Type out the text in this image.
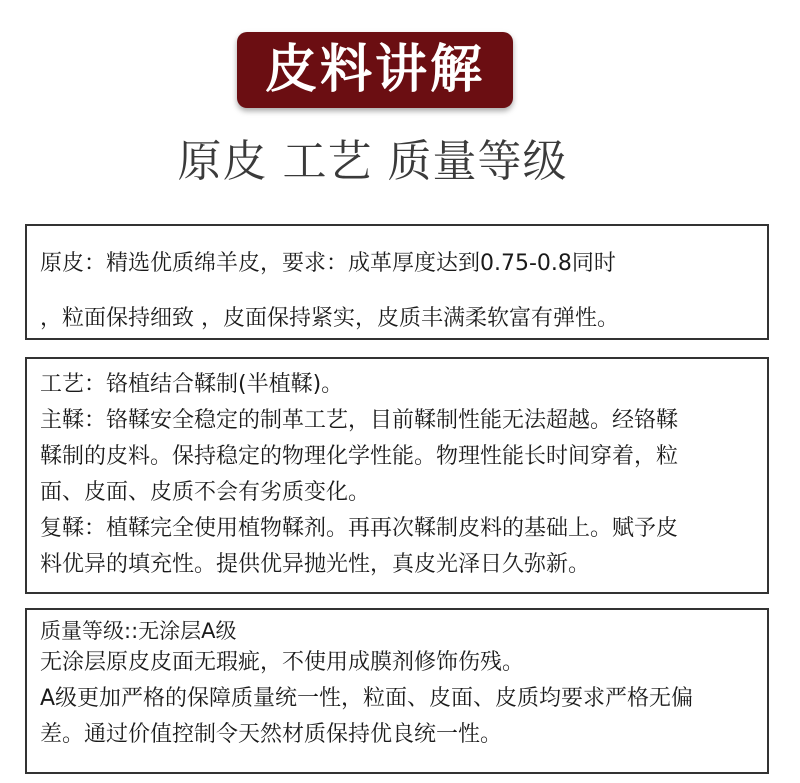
皮料讲解
原皮 工艺 质量等级
原皮：精选优质绵羊皮，要求：成革厚度达到0.75-0.8同时
，粒面保持细致 ，皮面保持紧实，皮质丰满柔软富有弹性。
工艺：铬植结合鞣制(半植鞣)。
主鞣：铬鞣安全稳定的制革工艺，目前鞣制性能无法超越。经铬鞣
鞣制的皮料。保持稳定的物理化学性能。物理性能长时间穿着，粒
面、皮面、皮质不会有劣质变化。
复鞣：植鞣完全使用植物鞣剂。再再次鞣制皮料的基础上。赋予皮
料优异的填充性。提供优异抛光性，真皮光泽日久弥新。
质量等级::无涂层A级
无涂层原皮皮面无瑕疵，不使用成膜剂修饰伤残。
A级更加严格的保障质量统一性，粒面、皮面、皮质均要求严格无偏
差。通过价值控制令天然材质保持优良统一性。
